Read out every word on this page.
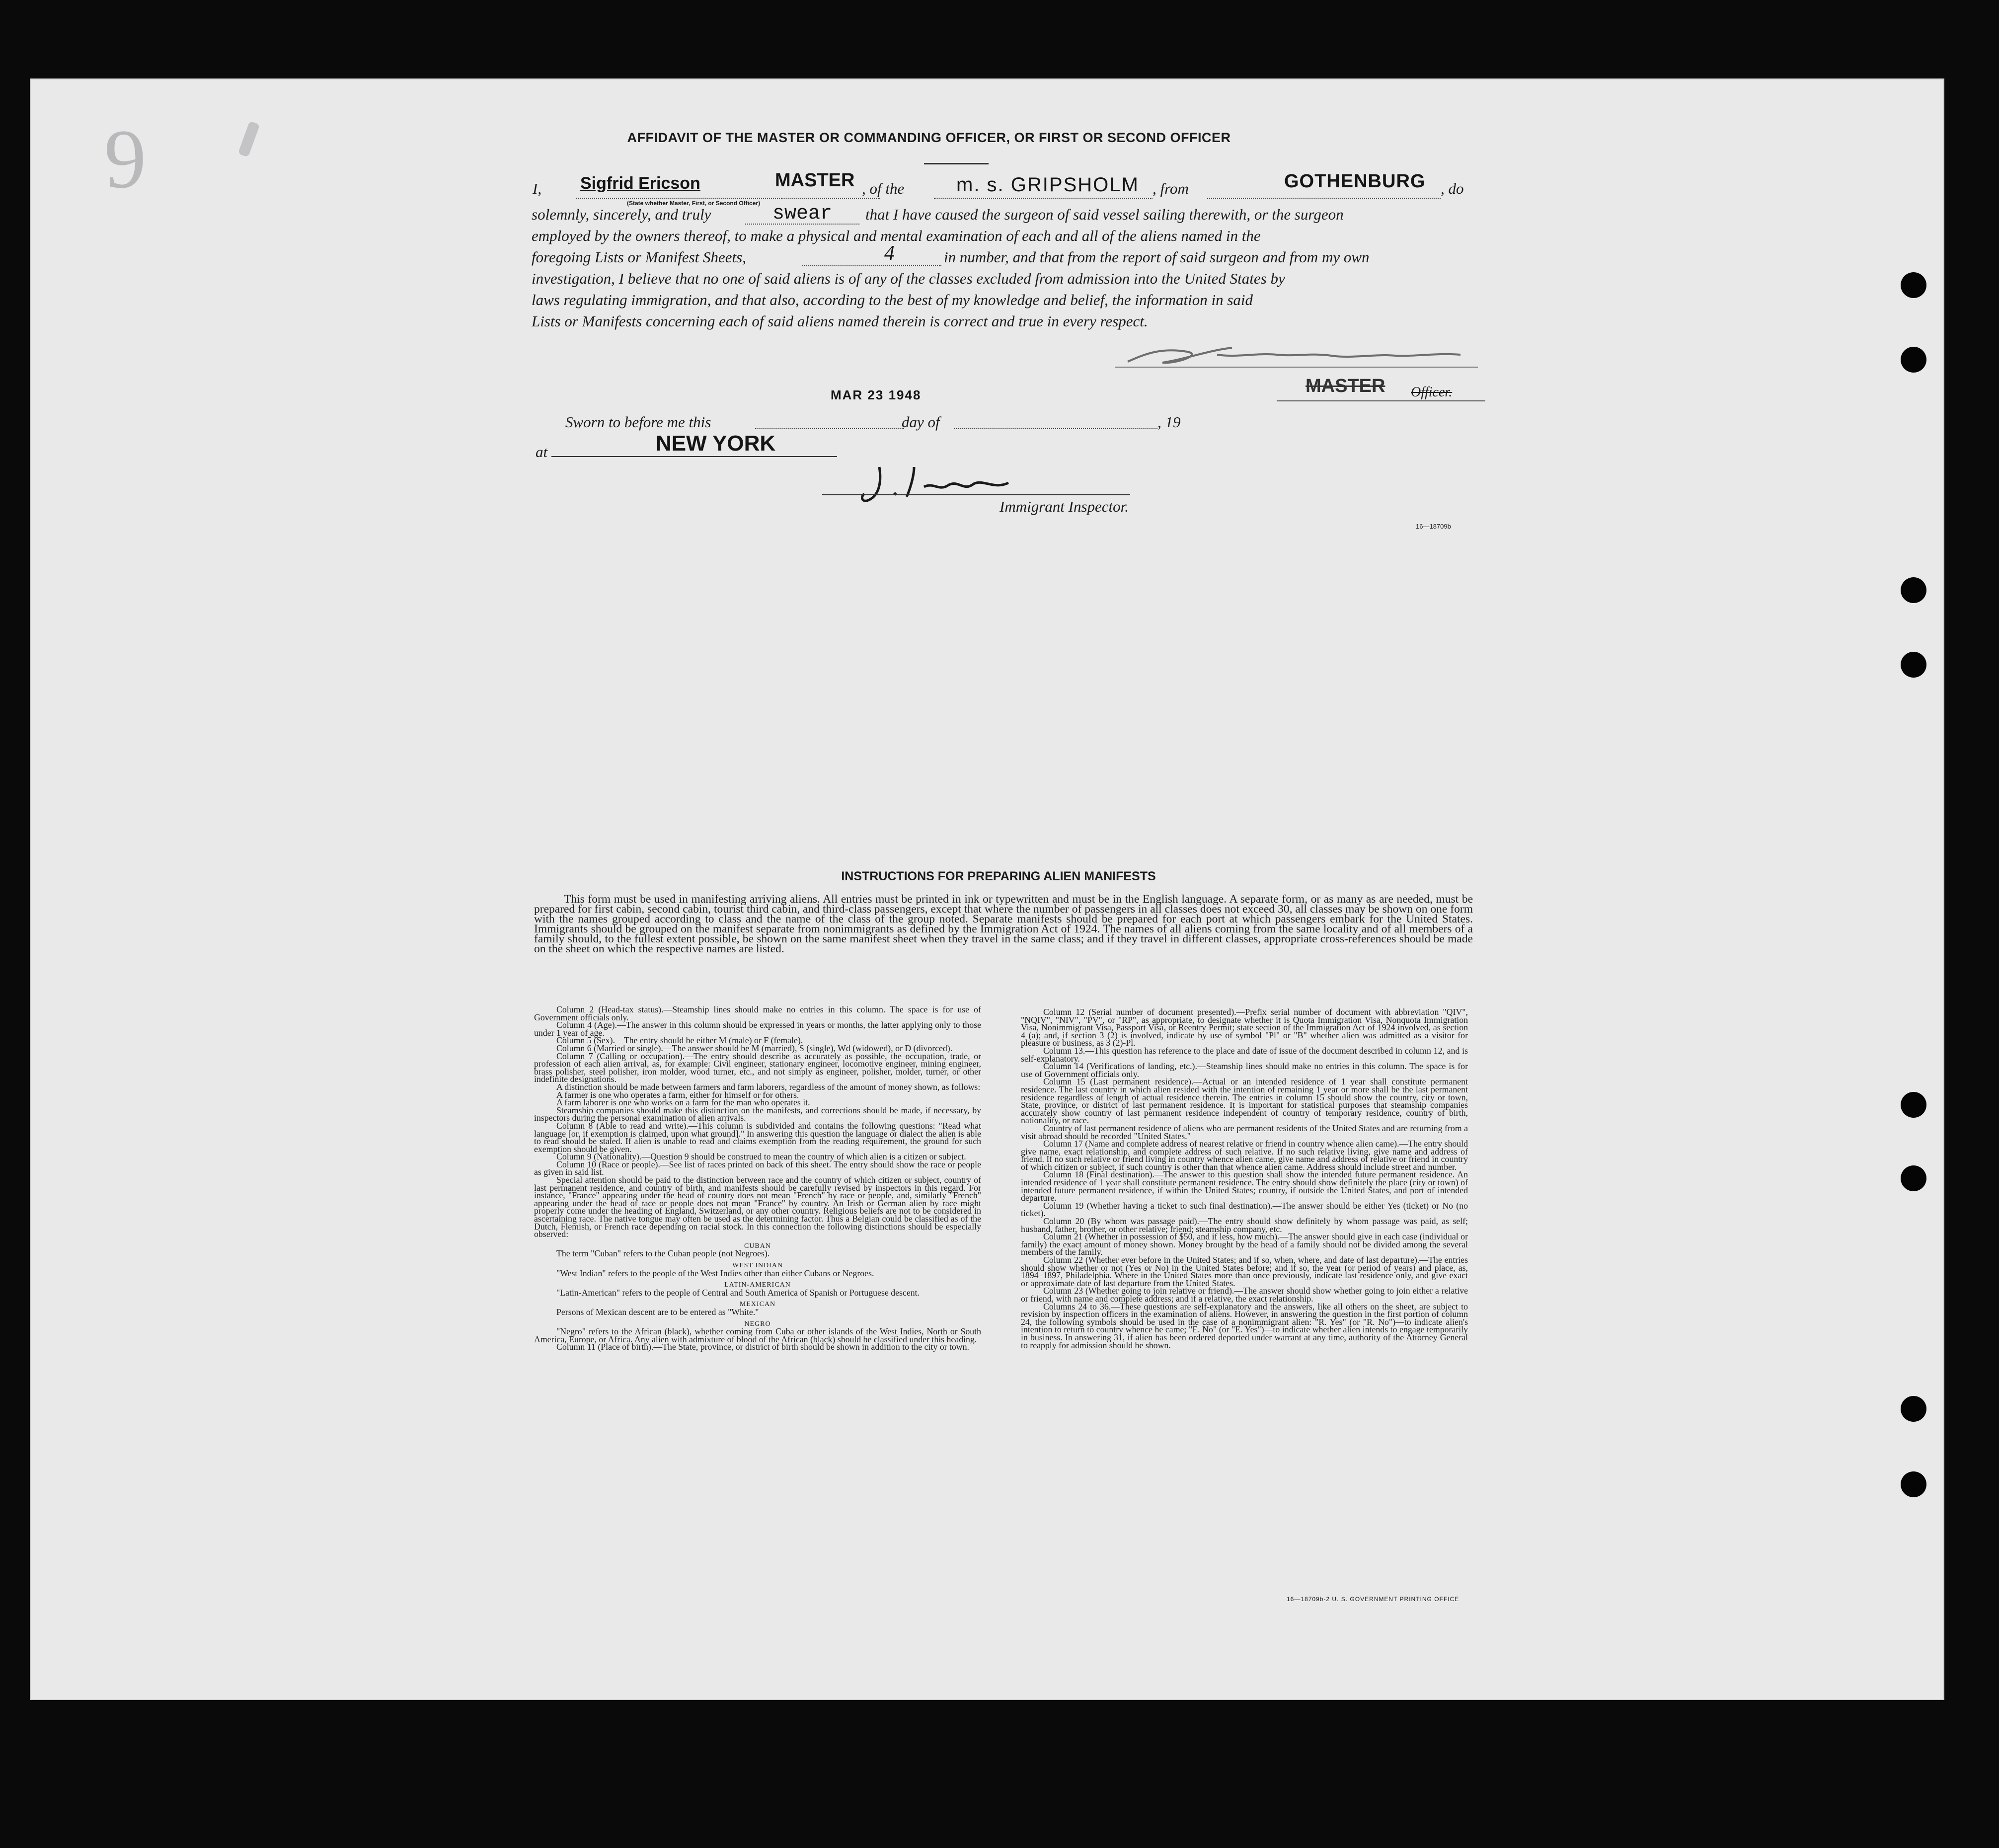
6	AFFIDAVIT OF THE MASTER OR COMMANDING OFFICER, OR FIRST OR SECOND OFFICER
I, Sigfrid Ericson	MASTER
(State whether Master, First, or Second Officer)
, of the	m. s. GRIPSHOLM , from	GOTHENBURG , do
solemnly, sincerely, and truly	swear that I have caused the surgeon of said vessel sailing therewith, or the surgeon
employed by the owners thereof, to make a physical and mental examination of each and all of the aliens named in the
foregoing Lists or Manifest Sheets,	4	in number, and that from the report of said surgeon and from my own
investigation, I believe that no one of said aliens is of any of the classes excluded from admission into the United States by
laws regulating immigration, and that also, according to the best of my knowledge and belief, the information in said
Lists or Manifests concerning each of said aliens named therein is correct and true in every respect.
MASTER Officer.
MAR 23 1948
Sworn to before me this	day of	, 19
at	NEW YORK
Immigrant Inspector.
16—18709b
INSTRUCTIONS FOR PREPARING ALIEN MANIFESTS
This form must be used in manifesting arriving aliens. All entries must be printed in ink or typewritten and must be in the English language. A separate form, or as many as are needed, must be prepared for first cabin, second cabin, tourist third cabin, and third-class passengers, except that where the number of passengers in all classes does not exceed 30, all classes may be shown on one form with the names grouped according to class and the name of the class of the group noted. Separate manifests should be prepared for each port at which passengers embark for the United States. Immigrants should be grouped on the manifest separate from nonimmigrants as defined by the Immigration Act of 1924. The names of all aliens coming from the same locality and of all members of a family should, to the fullest extent possible, be shown on the same manifest sheet when they travel in the same class; and if they travel in different classes, appropriate cross-references should be made on the sheet on which the respective names are listed.

Column 2 (Head-tax status).—Steamship lines should make no entries in this column. The space is for use of Government officials only.

Column 4 (Age).—The answer in this column should be expressed in years or months, the latter applying only to those under 1 year of age.

Column 5 (Sex).—The entry should be either M (male) or F (female).

Column 6 (Married or single).—The answer should be M (married), S (single), Wd (widowed), or D (divorced).

Column 7 (Calling or occupation).—The entry should describe as accurately as possible, the occupation, trade, or profession of each alien arrival, as, for example: Civil engineer, stationary engineer, locomotive engineer, mining engineer, brass polisher, steel polisher, iron molder, wood turner, etc., and not simply as engineer, polisher, molder, turner, or other indefinite designations.

A distinction should be made between farmers and farm laborers, regardless of the amount of money shown, as follows:

A farmer is one who operates a farm, either for himself or for others.

A farm laborer is one who works on a farm for the man who operates it.

Steamship companies should make this distinction on the manifests, and corrections should be made, if necessary, by inspectors during the personal examination of alien arrivals.

Column 8 (Able to read and write).—This column is subdivided and contains the following questions: "Read what language [or, if exemption is claimed, upon what ground]." In answering this question the language or dialect the alien is able to read should be stated. If alien is unable to read and claims exemption from the reading requirement, the ground for such exemption should be given.

Column 9 (Nationality).—Question 9 should be construed to mean the country of which alien is a citizen or subject.

Column 10 (Race or people).—See list of races printed on back of this sheet. The entry should show the race or people as given in said list.

Special attention should be paid to the distinction between race and the country of which citizen or subject, country of last permanent residence, and country of birth, and manifests should be carefully revised by inspectors in this regard. For instance, "France" appearing under the head of country does not mean "French" by race or people, and, similarly "French" appearing under the head of race or people does not mean "France" by country. An Irish or German alien by race might properly come under the heading of England, Switzerland, or any other country. Religious beliefs are not to be considered in ascertaining race. The native tongue may often be used as the determining factor. Thus a Belgian could be classified as of the Dutch, Flemish, or French race depending on racial stock. In this connection the following distinctions should be especially observed:

CUBAN

The term "Cuban" refers to the Cuban people (not Negroes).

WEST INDIAN

"West Indian" refers to the people of the West Indies other than either Cubans or Negroes.

LATIN-AMERICAN

"Latin-American" refers to the people of Central and South America of Spanish or Portuguese descent.

MEXICAN

Persons of Mexican descent are to be entered as "White."

NEGRO

"Negro" refers to the African (black), whether coming from Cuba or other islands of the West Indies, North or South America, Europe, or Africa. Any alien with admixture of blood of the African (black) should be classified under this heading.

Column 11 (Place of birth).—The State, province, or district of birth should be shown in addition to the city or town.

Column 12 (Serial number of document presented).—Prefix serial number of document with abbreviation "QIV", "NQIV", "NIV", "PV", or "RP", as appropriate, to designate whether it is Quota Immigration Visa, Nonquota Immigration Visa, Nonimmigrant Visa, Passport Visa, or Reentry Permit; state section of the Immigration Act of 1924 involved, as section 4 (a); and, if section 3 (2) is involved, indicate by use of symbol "Pl" or "B" whether alien was admitted as a visitor for pleasure or business, as 3 (2)-Pl.

Column 13.—This question has reference to the place and date of issue of the document described in column 12, and is self-explanatory.

Column 14 (Verifications of landing, etc.).—Steamship lines should make no entries in this column. The space is for use of Government officials only.

Column 15 (Last permanent residence).—Actual or an intended residence of 1 year shall constitute permanent residence. The last country in which alien resided with the intention of remaining 1 year or more shall be the last permanent residence regardless of length of actual residence therein. The entries in column 15 should show the country, city or town, State, province, or district of last permanent residence. It is important for statistical purposes that steamship companies accurately show country of last permanent residence independent of country of temporary residence, country of birth, nationality, or race.

Country of last permanent residence of aliens who are permanent residents of the United States and are returning from a visit abroad should be recorded "United States."

Column 17 (Name and complete address of nearest relative or friend in country whence alien came).—The entry should give name, exact relationship, and complete address of such relative. If no such relative living, give name and address of friend. If no such relative or friend living in country whence alien came, give name and address of relative or friend in country of which citizen or subject, if such country is other than that whence alien came. Address should include street and number.

Column 18 (Final destination).—The answer to this question shall show the intended future permanent residence. An intended residence of 1 year shall constitute permanent residence. The entry should show definitely the place (city or town) of intended future permanent residence, if within the United States; country, if outside the United States, and port of intended departure.

Column 19 (Whether having a ticket to such final destination).—The answer should be either Yes (ticket) or No (no ticket).

Column 20 (By whom was passage paid).—The entry should show definitely by whom passage was paid, as self; husband, father, brother, or other relative; friend; steamship company, etc.

Column 21 (Whether in possession of $50, and if less, how much).—The answer should give in each case (individual or family) the exact amount of money shown. Money brought by the head of a family should not be divided among the several members of the family.

Column 22 (Whether ever before in the United States; and if so, when, where, and date of last departure).—The entries should show whether or not (Yes or No) in the United States before; and if so, the year (or period of years) and place, as, 1894–1897, Philadelphia. Where in the United States more than once previously, indicate last residence only, and give exact or approximate date of last departure from the United States.

Column 23 (Whether going to join relative or friend).—The answer should show whether going to join either a relative or friend, with name and complete address; and if a relative, the exact relationship.

Columns 24 to 36.—These questions are self-explanatory and the answers, like all others on the sheet, are subject to revision by inspection officers in the examination of aliens. However, in answering the question in the first portion of column 24, the following symbols should be used in the case of a nonimmigrant alien: "R. Yes" (or "R. No")—to indicate alien's intention to return to country whence he came; "E. No" (or "E. Yes")—to indicate whether alien intends to engage temporarily in business. In answering 31, if alien has been ordered deported under warrant at any time, authority of the Attorney General to reapply for admission should be shown.

16—18709b-2 U. S. GOVERNMENT PRINTING OFFICE
